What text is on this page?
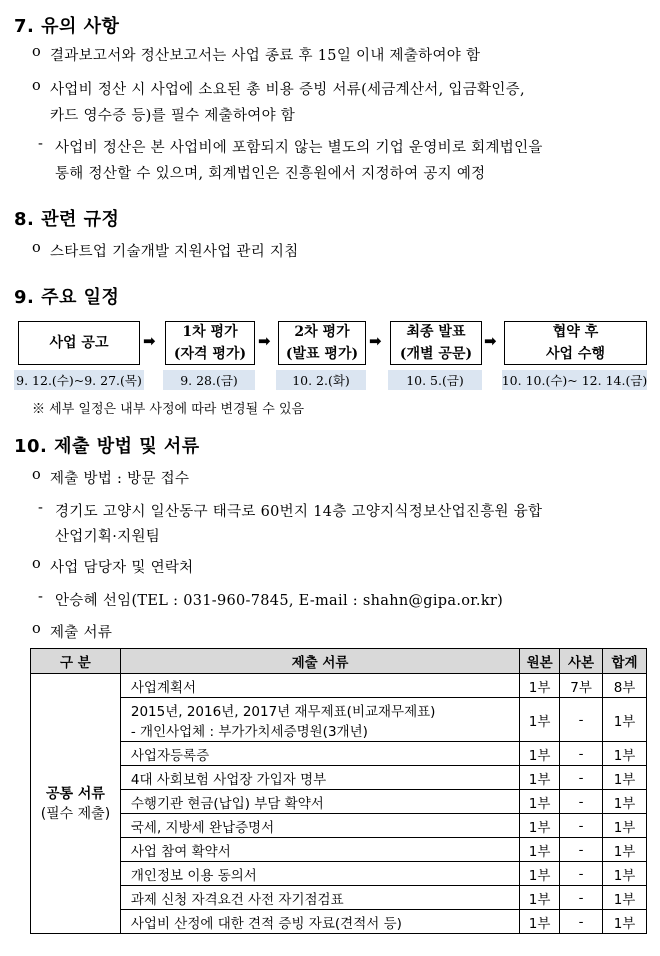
7. 유의 사항
o 결과보고서와 정산보고서는 사업 종료 후 15일 이내 제출하여야 함
o 사업비 정산 시 사업에 소요된 총 비용 증빙 서류(세금계산서, 입금확인증,
카드 영수증 등)를 필수 제출하여야 함
- 사업비 정산은 본 사업비에 포함되지 않는 별도의 기업 운영비로 회계법인을
통해 정산할 수 있으며, 회계법인은 진흥원에서 지정하여 공지 예정
8. 관련 규정
o 스타트업 기술개발 지원사업 관리 지침
9. 주요 일정
사업 공고 ➡	1차 평가
(자격 평가)
➡	2차 평가
(발표 평가)
➡	최종 발표
(개별 공문)
➡	협약 후
사업 수행
9. 12.(수)~9. 27.(목)	9. 28.(금)	10. 2.(화)	10. 5.(금)	10. 10.(수)~ 12. 14.(금)
※ 세부 일정은 내부 사정에 따라 변경될 수 있음
10. 제출 방법 및 서류
o 제출 방법 : 방문 접수
- 경기도 고양시 일산동구 태극로 60번지 14층 고양지식정보산업진흥원 융합
산업기획·지원팀
o 사업 담당자 및 연락처
- 안승혜 선임(TEL : 031-960-7845, E-mail : shahn@gipa.or.kr)
o 제출 서류
구 분	제출 서류	원본	사본	합계

공통 서류
(필수 제출)	사업계획서	1부	7부	8부

	2015년, 2016년, 2017년 재무제표(비교재무제표)
- 개인사업체 : 부가가치세증명원(3개년)	1부	-	1부
	사업자등록증	1부	-	1부
	4대 사회보험 사업장 가입자 명부	1부	-	1부
	수행기관 현금(납입) 부담 확약서	1부	-	1부
	국세, 지방세 완납증명서	1부	-	1부
	사업 참여 확약서	1부	-	1부
	개인정보 이용 동의서	1부	-	1부
	과제 신청 자격요건 사전 자기점검표	1부	-	1부
	사업비 산정에 대한 견적 증빙 자료(견적서 등)	1부	-	1부
